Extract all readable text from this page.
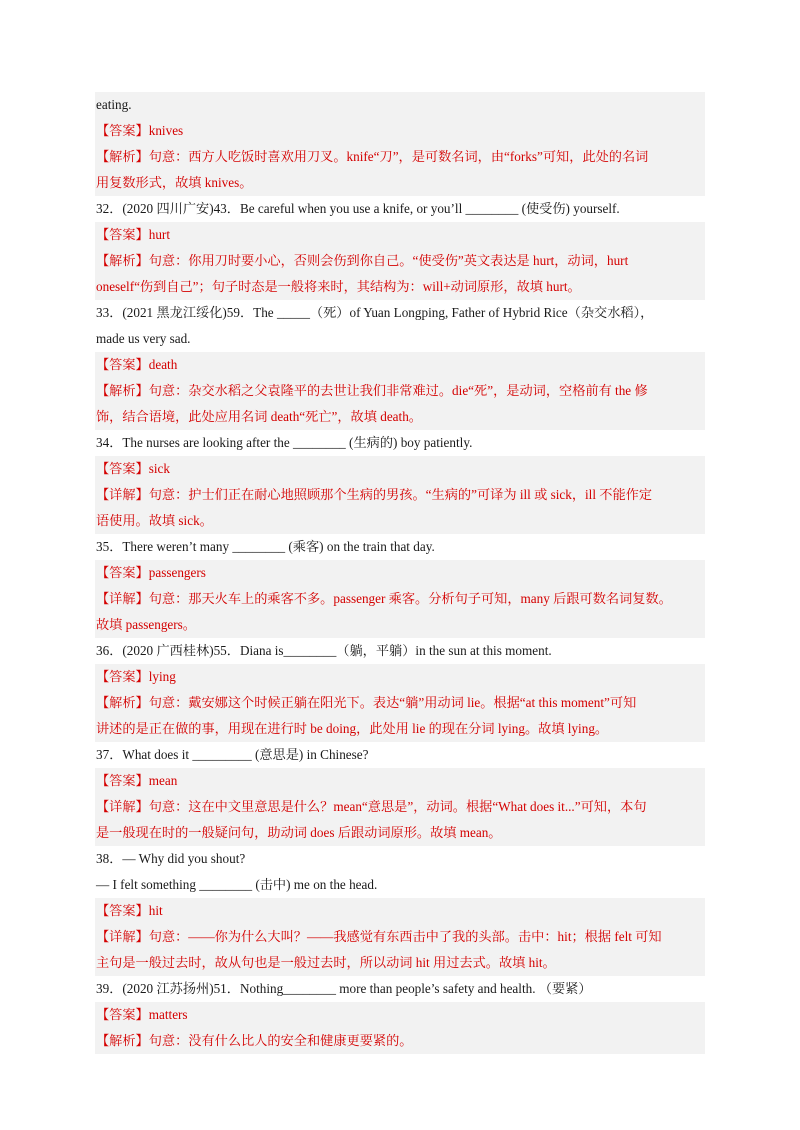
eating.
【答案】knives
【解析】句意：西方人吃饭时喜欢用刀叉。knife“刀”，是可数名词，由“forks”可知，此处的名词
用复数形式，故填 knives。
32．(2020 四川广安)43．Be careful when you use a knife, or you’ll ________ (使受伤) yourself.
【答案】hurt
【解析】句意：你用刀时要小心，否则会伤到你自己。“使受伤”英文表达是 hurt，动词，hurt
oneself“伤到自己”；句子时态是一般将来时，其结构为：will+动词原形，故填 hurt。
33．(2021 黑龙江绥化)59．The _____（死）of Yuan Longping, Father of Hybrid Rice（杂交水稻），
made us very sad.
【答案】death
【解析】句意：杂交水稻之父袁隆平的去世让我们非常难过。die“死”，是动词，空格前有 the 修
饰，结合语境，此处应用名词 death“死亡”，故填 death。
34．The nurses are looking after the ________ (生病的) boy patiently.
【答案】sick
【详解】句意：护士们正在耐心地照顾那个生病的男孩。“生病的”可译为 ill 或 sick，ill 不能作定
语使用。故填 sick。
35．There weren’t many ________ (乘客) on the train that day.
【答案】passengers
【详解】句意：那天火车上的乘客不多。passenger 乘客。分析句子可知，many 后跟可数名词复数。
故填 passengers。
36．(2020 广西桂林)55．Diana is________（躺，平躺）in the sun at this moment.
【答案】lying
【解析】句意：戴安娜这个时候正躺在阳光下。表达“躺”用动词 lie。根据“at this moment”可知
讲述的是正在做的事，用现在进行时 be doing，此处用 lie 的现在分词 lying。故填 lying。
37．What does it _________ (意思是) in Chinese?
【答案】mean
【详解】句意：这在中文里意思是什么？mean“意思是”，动词。根据“What does it...”可知，本句
是一般现在时的一般疑问句，助动词 does 后跟动词原形。故填 mean。
38．— Why did you shout?
— I felt something ________ (击中) me on the head.
【答案】hit
【详解】句意：——你为什么大叫？——我感觉有东西击中了我的头部。击中：hit；根据 felt 可知
主句是一般过去时，故从句也是一般过去时，所以动词 hit 用过去式。故填 hit。
39．(2020 江苏扬州)51．Nothing________ more than people’s safety and health. （要紧）
【答案】matters
【解析】句意：没有什么比人的安全和健康更要紧的。
